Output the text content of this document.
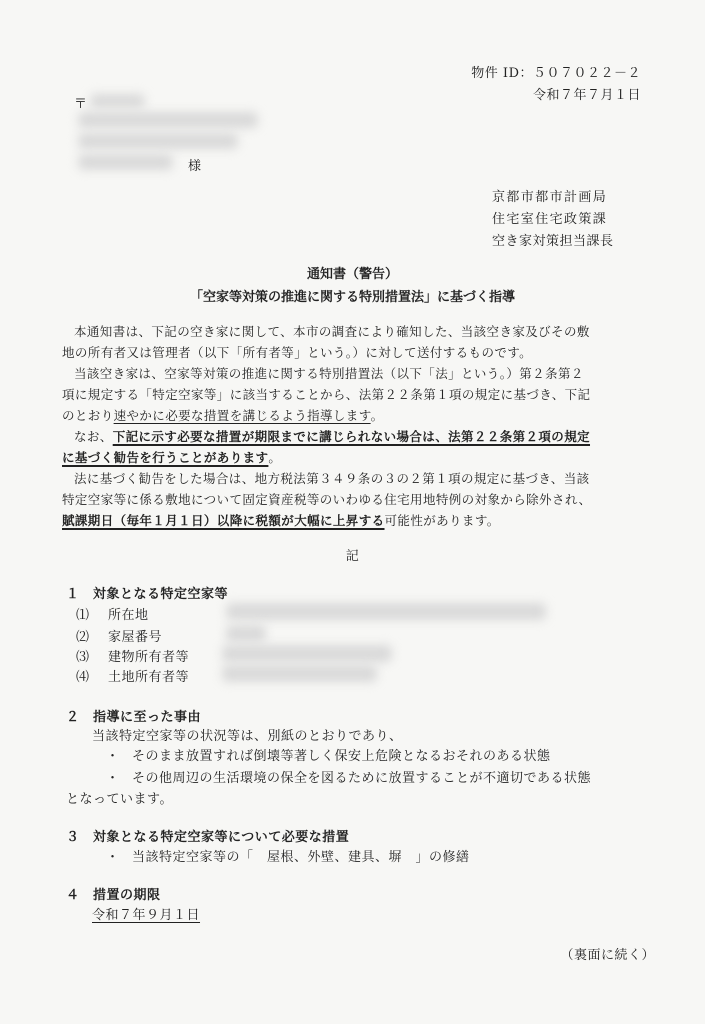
物件 ID：５０７０２２－２
令和７年７月１日
〒
様
京都市都市計画局
住宅室住宅政策課
空き家対策担当課長
通知書（警告）
「空家等対策の推進に関する特別措置法」に基づく指導
本通知書は、下記の空き家に関して、本市の調査により確知した、当該空き家及びその敷
地の所有者又は管理者（以下「所有者等」という。）に対して送付するものです。
当該空き家は、空家等対策の推進に関する特別措置法（以下「法」という。）第２条第２
項に規定する「特定空家等」に該当することから、法第２２条第１項の規定に基づき、下記
のとおり速やかに必要な措置を講じるよう指導します。
なお、下記に示す必要な措置が期限までに講じられない場合は、法第２２条第２項の規定
に基づく勧告を行うことがあります。
法に基づく勧告をした場合は、地方税法第３４９条の３の２第１項の規定に基づき、当該
特定空家等に係る敷地について固定資産税等のいわゆる住宅用地特例の対象から除外され、
賦課期日（毎年１月１日）以降に税額が大幅に上昇する可能性があります。
記
１　対象となる特定空家等
⑴ 所在地
⑵ 家屋番号
⑶ 建物所有者等
⑷ 土地所有者等
２　指導に至った事由
当該特定空家等の状況等は、別紙のとおりであり、
・ そのまま放置すれば倒壊等著しく保安上危険となるおそれのある状態
・ その他周辺の生活環境の保全を図るために放置することが不適切である状態
となっています。
３　対象となる特定空家等について必要な措置
・ 当該特定空家等の「　屋根、外壁、建具、塀　」の修繕
４　措置の期限
令和７年９月１日
（裏面に続く）
